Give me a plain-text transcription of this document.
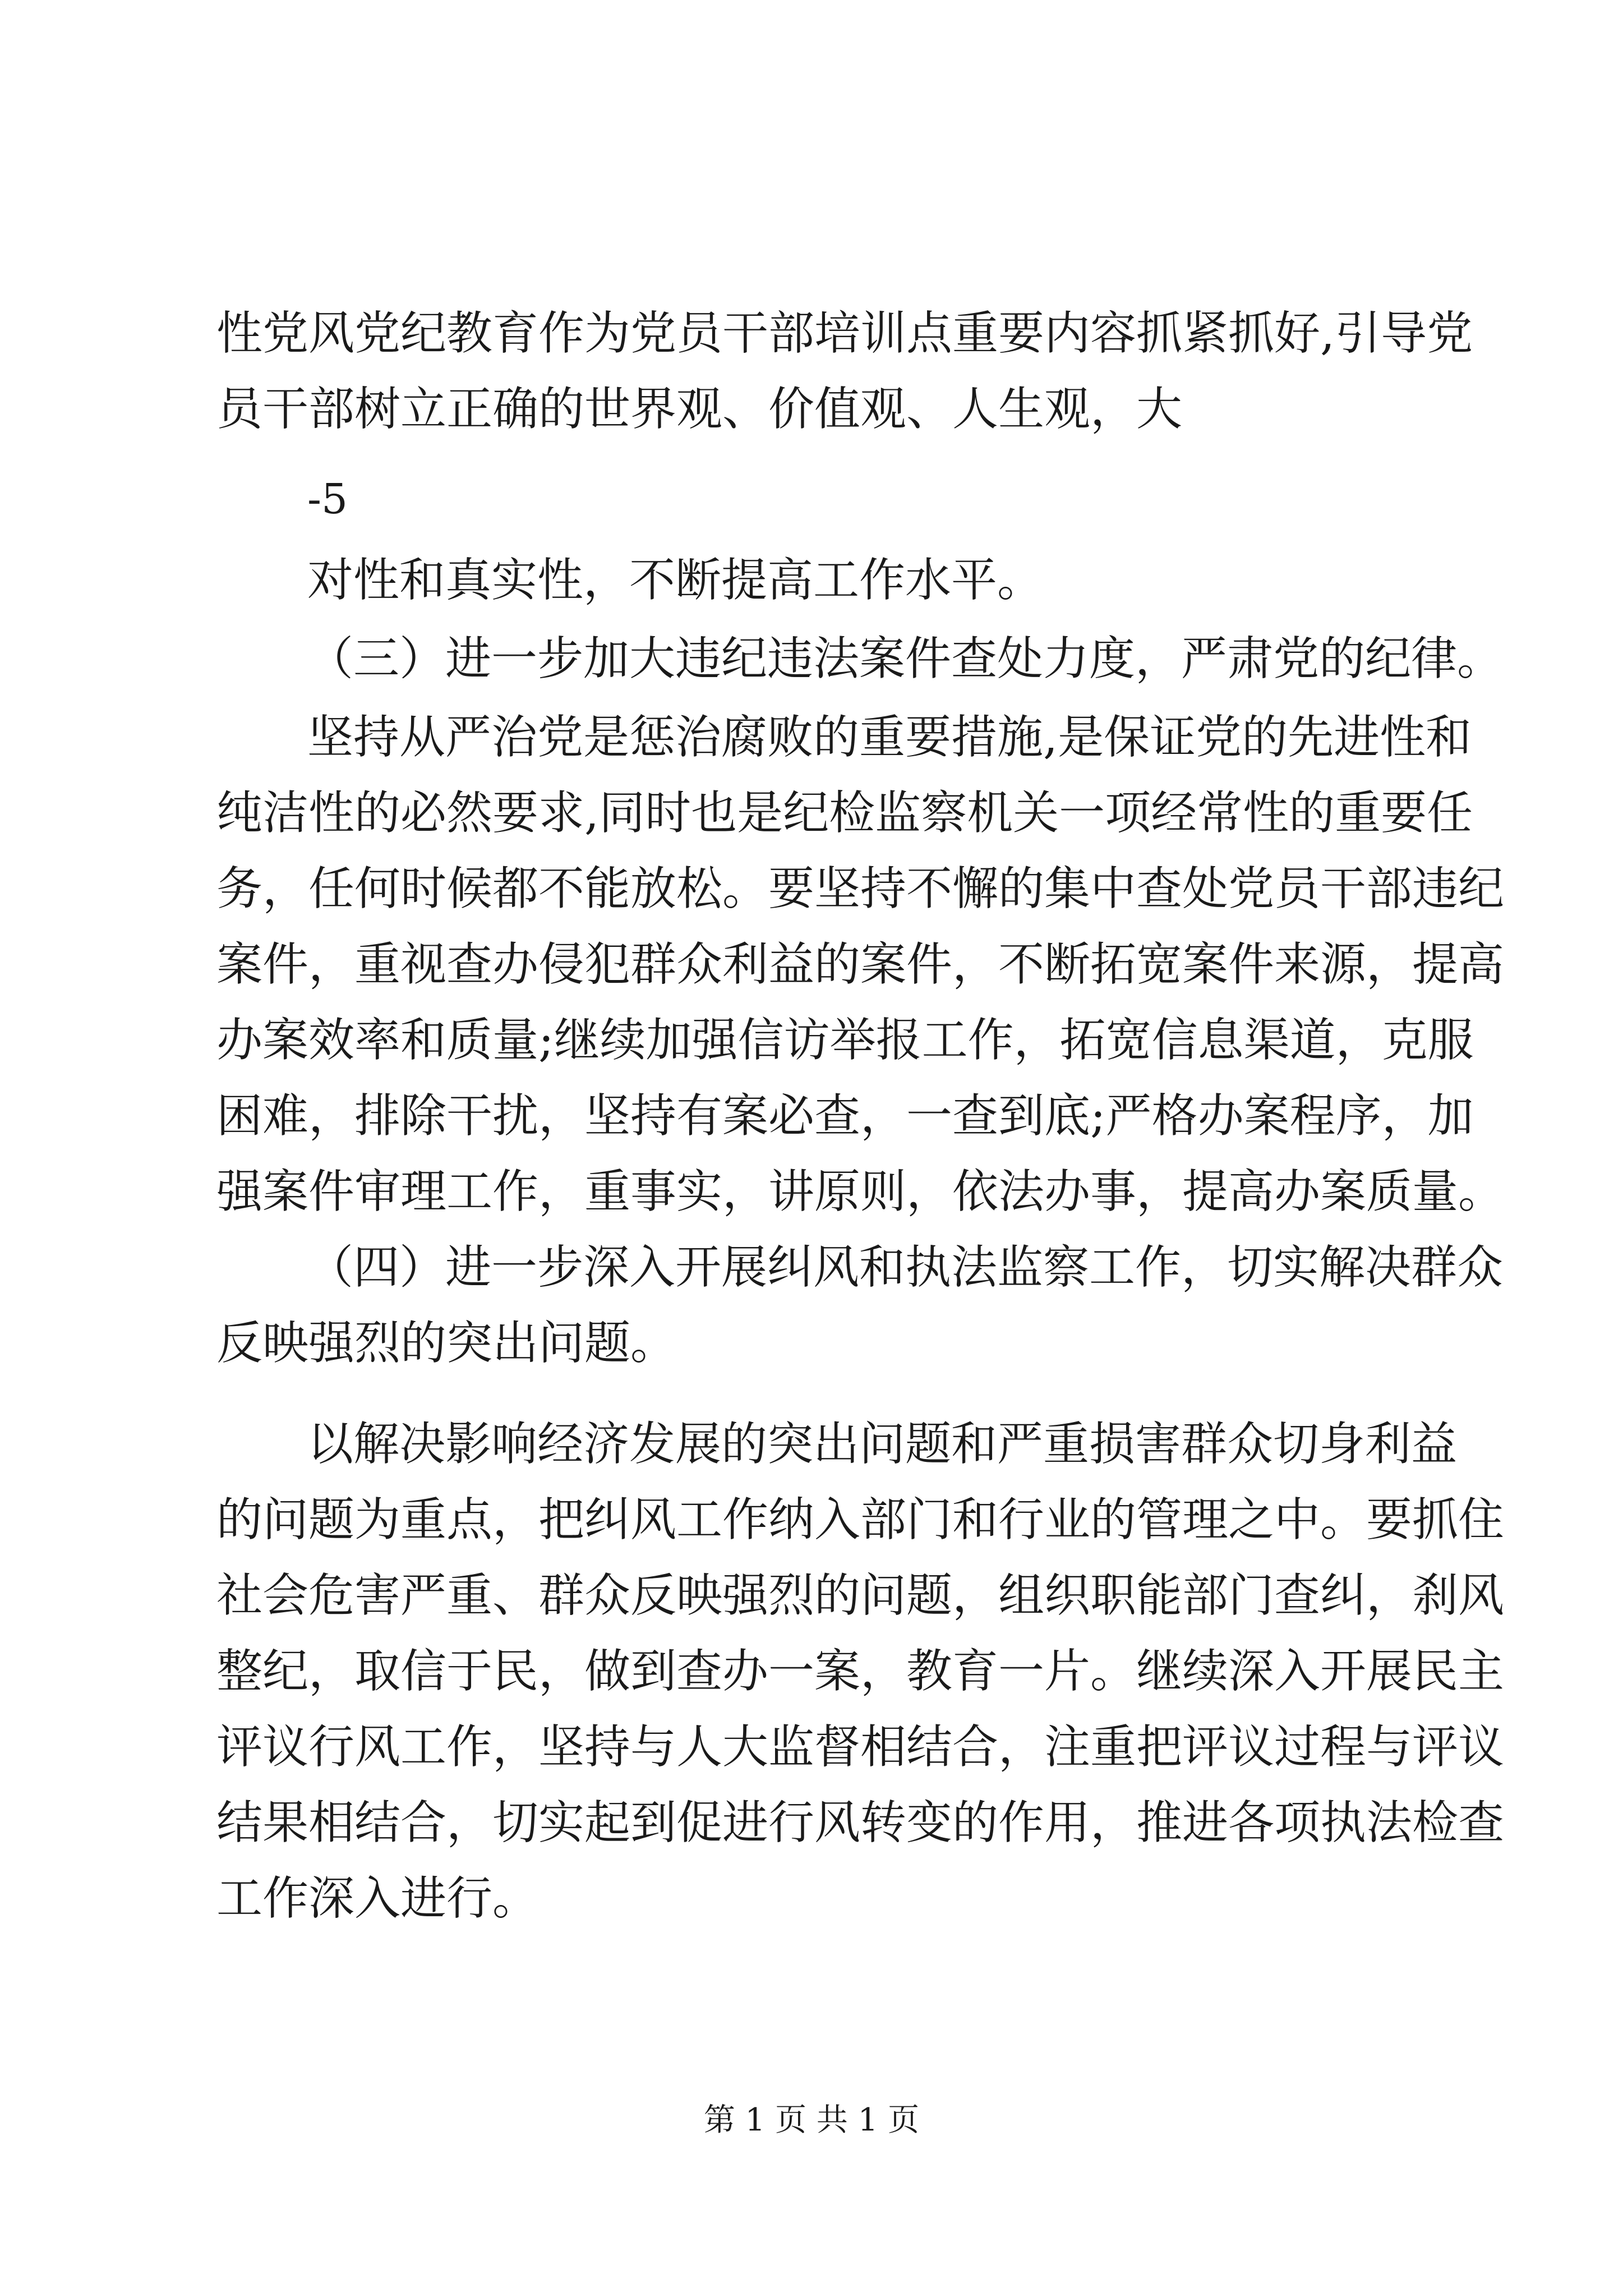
性党风党纪教育作为党员干部培训点重要内容抓紧抓好,引导党
员干部树立正确的世界观、价值观、人生观，大
-5
对性和真实性，不断提高工作水平。
（三）进一步加大违纪违法案件查处力度，严肃党的纪律。
坚持从严治党是惩治腐败的重要措施,是保证党的先进性和
纯洁性的必然要求,同时也是纪检监察机关一项经常性的重要任
务，任何时候都不能放松。要坚持不懈的集中查处党员干部违纪
案件，重视查办侵犯群众利益的案件，不断拓宽案件来源，提高
办案效率和质量;继续加强信访举报工作，拓宽信息渠道，克服
困难，排除干扰，坚持有案必查，一查到底;严格办案程序，加
强案件审理工作，重事实，讲原则，依法办事，提高办案质量。
（四）进一步深入开展纠风和执法监察工作，切实解决群众
反映强烈的突出问题。
以解决影响经济发展的突出问题和严重损害群众切身利益
的问题为重点，把纠风工作纳入部门和行业的管理之中。要抓住
社会危害严重、群众反映强烈的问题，组织职能部门查纠，刹风
整纪，取信于民，做到查办一案，教育一片。继续深入开展民主
评议行风工作，坚持与人大监督相结合，注重把评议过程与评议
结果相结合，切实起到促进行风转变的作用，推进各项执法检查
工作深入进行。
第 1 页 共 1 页
